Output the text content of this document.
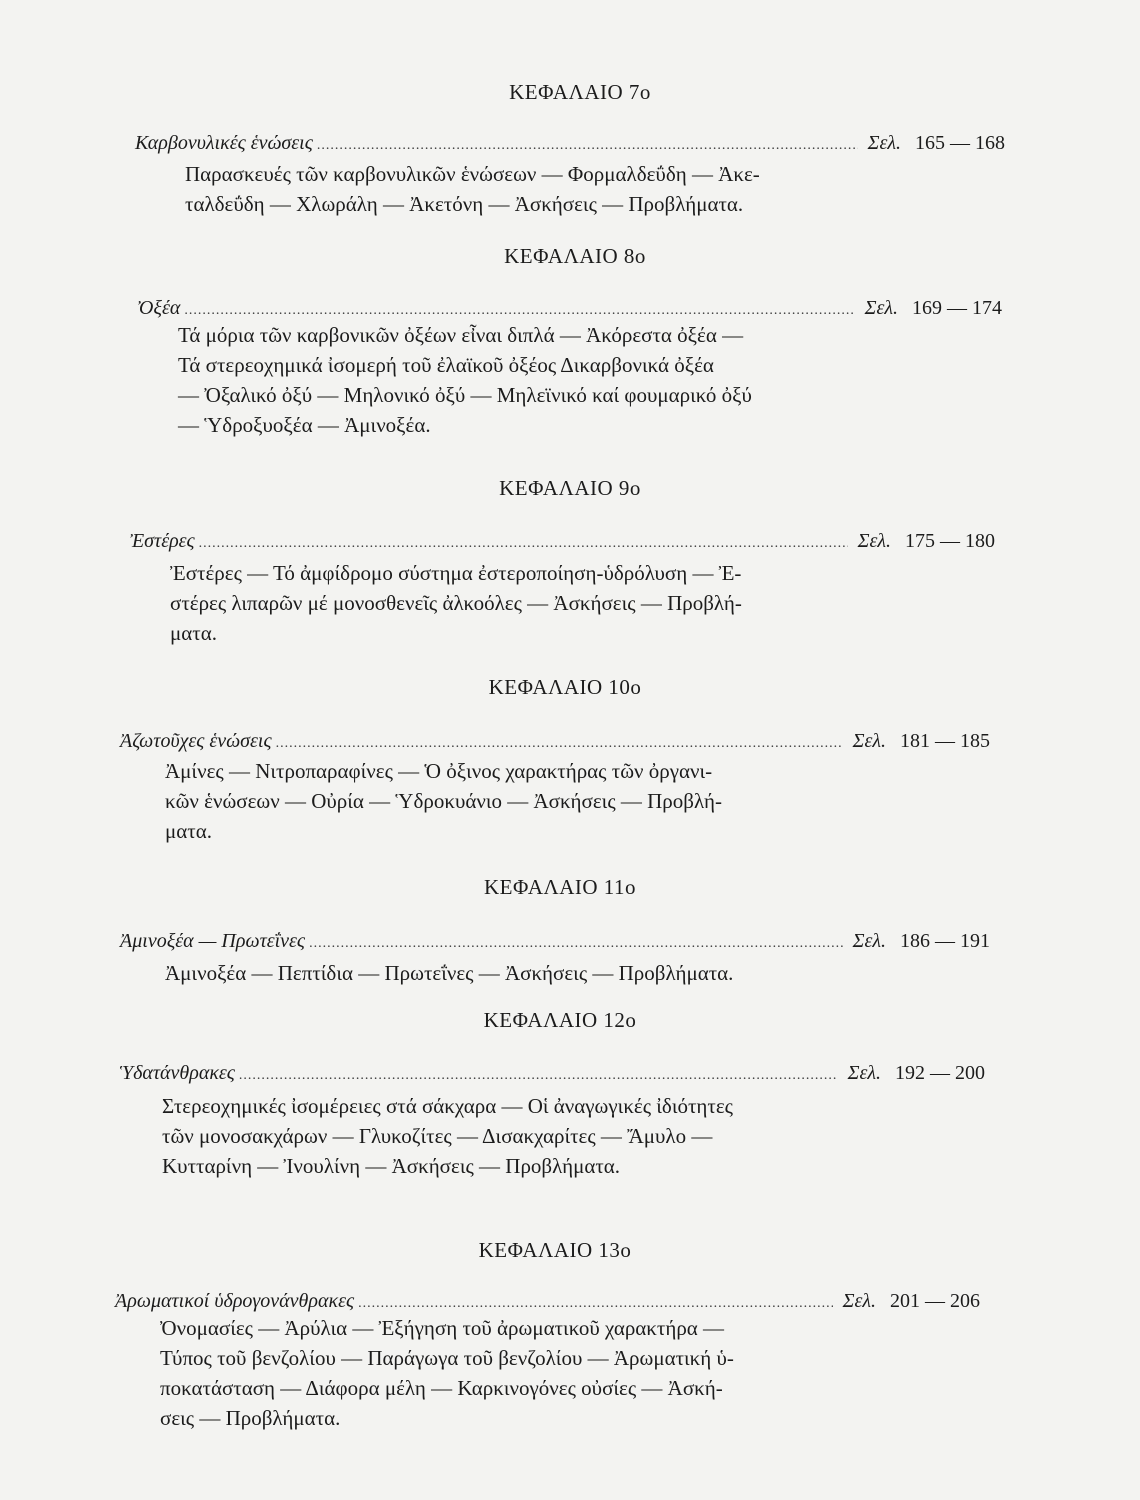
ΚΕΦΑΛΑΙΟ 7ο
Καρβονυλικές ἑνώσεις .....	Σελ. 165 — 168
Παρασκευές τῶν καρβονυλικῶν ἑνώσεων — Φορμαλδεΰδη — Ἀκε-
ταλδεΰδη — Χλωράλη — Ἀκετόνη — Ἀσκήσεις — Προβλήματα.
ΚΕΦΑΛΑΙΟ 8ο
Ὀξέα .....	Σελ. 169 — 174
Τά μόρια τῶν καρβονικῶν ὀξέων εἶναι διπλά — Ἀκόρεστα ὀξέα —
Τά στερεοχημικά ἰσομερή τοῦ ἐλαϊκοῦ ὀξέος Δικαρβονικά ὀξέα
— Ὀξαλικό ὀξύ — Μηλονικό ὀξύ — Μηλεϊνικό καί φουμαρικό ὀξύ
— Ὑδροξυοξέα — Ἀμινοξέα.
ΚΕΦΑΛΑΙΟ 9ο
Ἐστέρες .....	Σελ. 175 — 180
Ἐστέρες — Τό ἀμφίδρομο σύστημα ἐστεροποίηση-ὑδρόλυση — Ἐ-
στέρες λιπαρῶν μέ μονοσθενεῖς ἀλκοόλες — Ἀσκήσεις — Προβλή-
ματα.
ΚΕΦΑΛΑΙΟ 10ο
Ἀζωτοῦχες ἑνώσεις .....	Σελ. 181 — 185
Ἀμίνες — Νιτροπαραφίνες — Ὁ ὀξινος χαρακτήρας τῶν ὀργανι-
κῶν ἑνώσεων — Οὐρία — Ὑδροκυάνιο — Ἀσκήσεις — Προβλή-
ματα.
ΚΕΦΑΛΑΙΟ 11ο
Ἀμινοξέα — Πρωτεΐνες .....	Σελ. 186 — 191
Ἀμινοξέα — Πεπτίδια — Πρωτεΐνες — Ἀσκήσεις — Προβλήματα.
ΚΕΦΑΛΑΙΟ 12ο
Ὑδατάνθρακες .....	Σελ. 192 — 200
Στερεοχημικές ἰσομέρειες στά σάκχαρα — Οἱ ἀναγωγικές ἰδιότητες
τῶν μονοσακχάρων — Γλυκοζίτες — Δισακχαρίτες — Ἄμυλο —
Κυτταρίνη — Ἰνουλίνη — Ἀσκήσεις — Προβλήματα.
ΚΕΦΑΛΑΙΟ 13ο
Ἀρωματικοί ὑδρογονάνθρακες .....	Σελ. 201 — 206
Ὀνομασίες — Ἀρύλια — Ἐξήγηση τοῦ ἀρωματικοῦ χαρακτήρα —
Τύπος τοῦ βενζολίου — Παράγωγα τοῦ βενζολίου — Ἀρωματική ὑ-
ποκατάσταση — Διάφορα μέλη — Καρκινογόνες οὐσίες — Ἀσκή-
σεις — Προβλήματα.
